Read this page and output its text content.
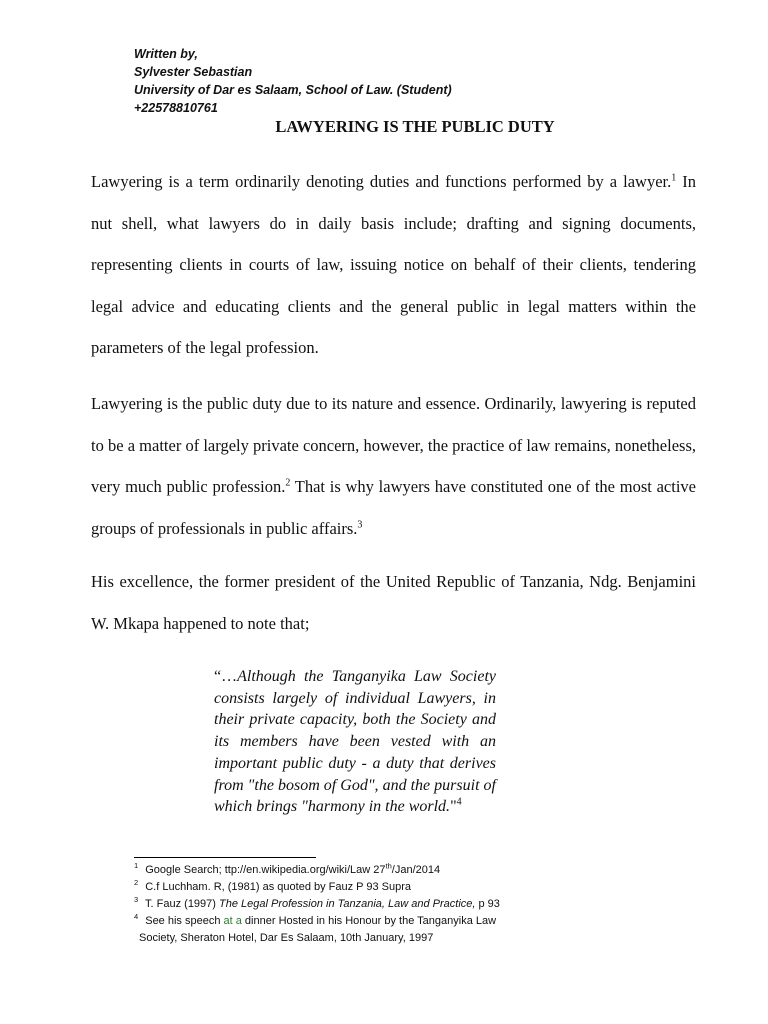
Written by,
Sylvester Sebastian
University of Dar es Salaam, School of Law. (Student)
+22578810761
LAWYERING IS THE PUBLIC DUTY

Lawyering is a term ordinarily denoting duties and functions performed by a lawyer.$^1$ In nut shell, what lawyers do in daily basis include; drafting and signing documents, representing clients in courts of law, issuing notice on behalf of their clients, tendering legal advice and educating clients and the general public in legal matters within the parameters of the legal profession.

Lawyering is the public duty due to its nature and essence. Ordinarily, lawyering is reputed to be a matter of largely private concern, however, the practice of law remains, nonetheless, very much public profession.$^2$ That is why lawyers have constituted one of the most active groups of professionals in public affairs.$^3$

His excellence, the former president of the United Republic of Tanzania, Ndg. Benjamini W. Mkapa happened to note that;

“…Although the Tanganyika Law Society consists largely of individual Lawyers, in their private capacity, both the Society and its members have been vested with an important public duty - a duty that derives from "the bosom of God", and the pursuit of which brings "harmony in the world."$^4$

$^1$ Google Search; ttp://en.wikipedia.org/wiki/Law 27th/Jan/2014
$^2$ C.f Luchham. R, (1981) as quoted by Fauz P 93 Supra
$^3$ T. Fauz (1997) The Legal Profession in Tanzania, Law and Practice, p 93
$^4$ See his speech at a dinner Hosted in his Honour by the Tanganyika Law
Society, Sheraton Hotel, Dar Es Salaam, 10th January, 1997
